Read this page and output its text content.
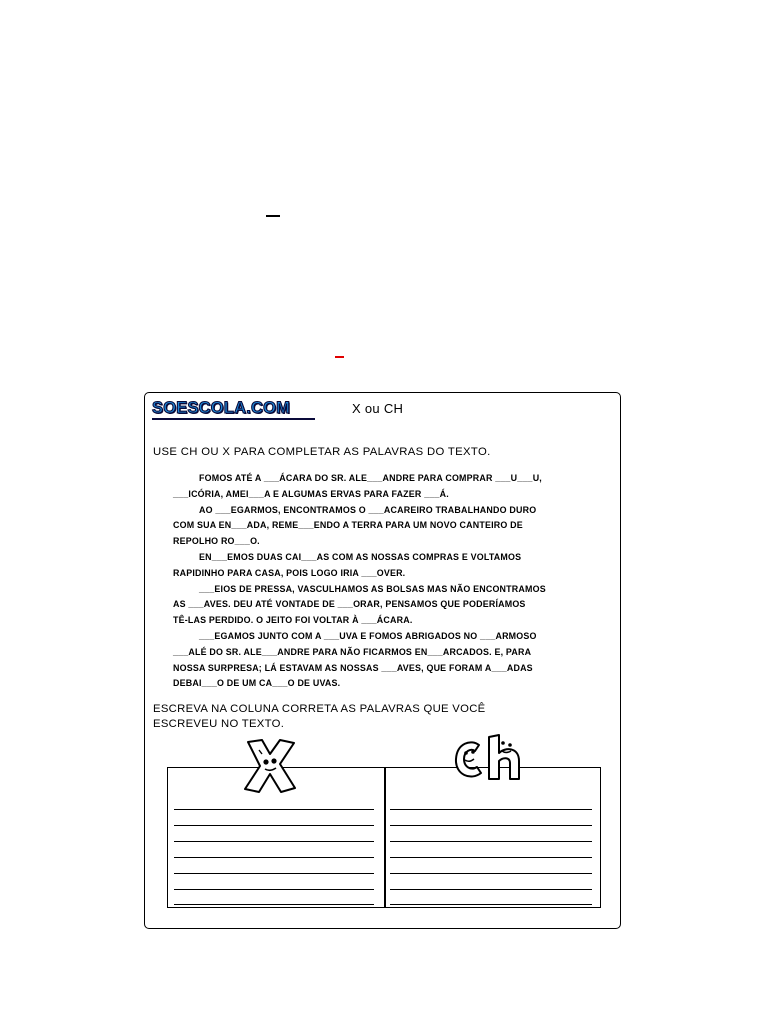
SOESCOLA.COM	X ou CH
USE CH OU X PARA COMPLETAR AS PALAVRAS DO TEXTO.
FOMOS ATÉ A ___ÁCARA DO SR. ALE___ANDRE PARA COMPRAR ___U___U,
___ICÓRIA, AMEI___A E ALGUMAS ERVAS PARA FAZER ___Á.
AO ___EGARMOS, ENCONTRAMOS O ___ACAREIRO TRABALHANDO DURO
COM SUA EN___ADA, REME___ENDO A TERRA PARA UM NOVO CANTEIRO DE
REPOLHO RO___O.
EN___EMOS DUAS CAI___AS COM AS NOSSAS COMPRAS E VOLTAMOS
RAPIDINHO PARA CASA, POIS LOGO IRIA ___OVER.
___EIOS DE PRESSA, VASCULHAMOS AS BOLSAS MAS NÃO ENCONTRAMOS
AS ___AVES. DEU ATÉ VONTADE DE ___ORAR, PENSAMOS QUE PODERÍAMOS
TÊ-LAS PERDIDO. O JEITO FOI VOLTAR À ___ÁCARA.
___EGAMOS JUNTO COM A ___UVA E FOMOS ABRIGADOS NO ___ARMOSO
___ALÉ DO SR. ALE___ANDRE PARA NÃO FICARMOS EN___ARCADOS. E, PARA
NOSSA SURPRESA; LÁ ESTAVAM AS NOSSAS ___AVES, QUE FORAM A___ADAS
DEBAI___O DE UM CA___O DE UVAS.
ESCREVA NA COLUNA CORRETA AS PALAVRAS QUE VOCÊ
ESCREVEU NO TEXTO.
